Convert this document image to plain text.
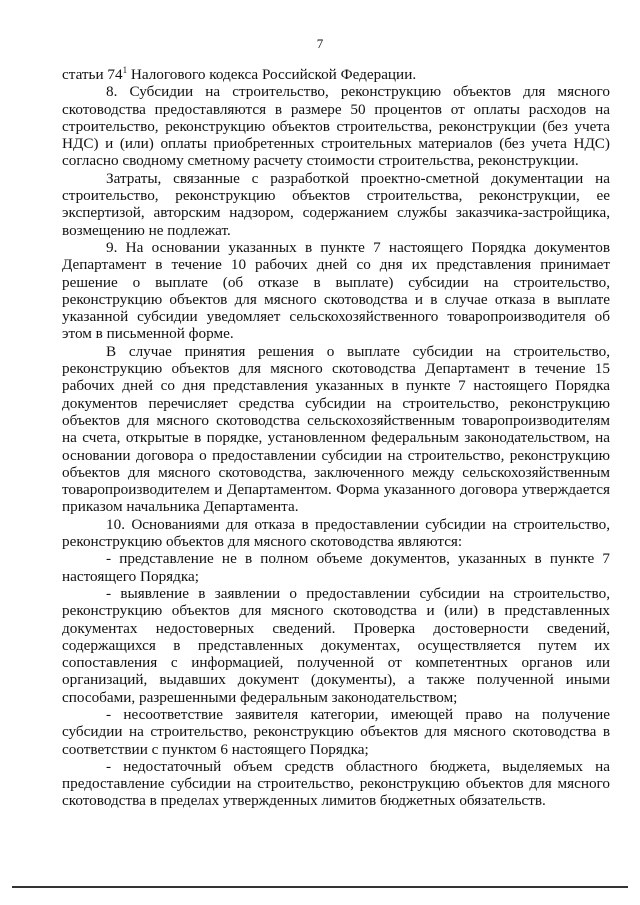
7

статьи $74^1$ Налогового кодекса Российской Федерации.

8. Субсидии на строительство, реконструкцию объектов для мясного скотоводства предоставляются в размере 50 процентов от оплаты расходов на строительство, реконструкцию объектов строительства, реконструкции (без учета НДС) и (или) оплаты приобретенных строительных материалов (без учета НДС) согласно сводному сметному расчету стоимости строительства, реконструкции.

Затраты, связанные с разработкой проектно-сметной документации на строительство, реконструкцию объектов строительства, реконструкции, ее экспертизой, авторским надзором, содержанием службы заказчика-застройщика, возмещению не подлежат.

9. На основании указанных в пункте 7 настоящего Порядка документов Департамент в течение 10 рабочих дней со дня их представления принимает решение о выплате (об отказе в выплате) субсидии на строительство, реконструкцию объектов для мясного скотоводства и в случае отказа в выплате указанной субсидии уведомляет сельскохозяйственного товаропроизводителя об этом в письменной форме.

В случае принятия решения о выплате субсидии на строительство, реконструкцию объектов для мясного скотоводства Департамент в течение 15 рабочих дней со дня представления указанных в пункте 7 настоящего Порядка документов перечисляет средства субсидии на строительство, реконструкцию объектов для мясного скотоводства сельскохозяйственным товаропроизводителям на счета, открытые в порядке, установленном федеральным законодательством, на основании договора о предоставлении субсидии на строительство, реконструкцию объектов для мясного скотоводства, заключенного между сельскохозяйственным товаропроизводителем и Департаментом. Форма указанного договора утверждается приказом начальника Департамента.

10. Основаниями для отказа в предоставлении субсидии на строительство, реконструкцию объектов для мясного скотоводства являются:

- представление не в полном объеме документов, указанных в пункте 7 настоящего Порядка;

- выявление в заявлении о предоставлении субсидии на строительство, реконструкцию объектов для мясного скотоводства и (или) в представленных документах недостоверных сведений. Проверка достоверности сведений, содержащихся в представленных документах, осуществляется путем их сопоставления с информацией, полученной от компетентных органов или организаций, выдавших документ (документы), а также полученной иными способами, разрешенными федеральным законодательством;

- несоответствие заявителя категории, имеющей право на получение субсидии на строительство, реконструкцию объектов для мясного скотоводства в соответствии с пунктом 6 настоящего Порядка;

- недостаточный объем средств областного бюджета, выделяемых на предоставление субсидии на строительство, реконструкцию объектов для мясного скотоводства в пределах утвержденных лимитов бюджетных обязательств.
